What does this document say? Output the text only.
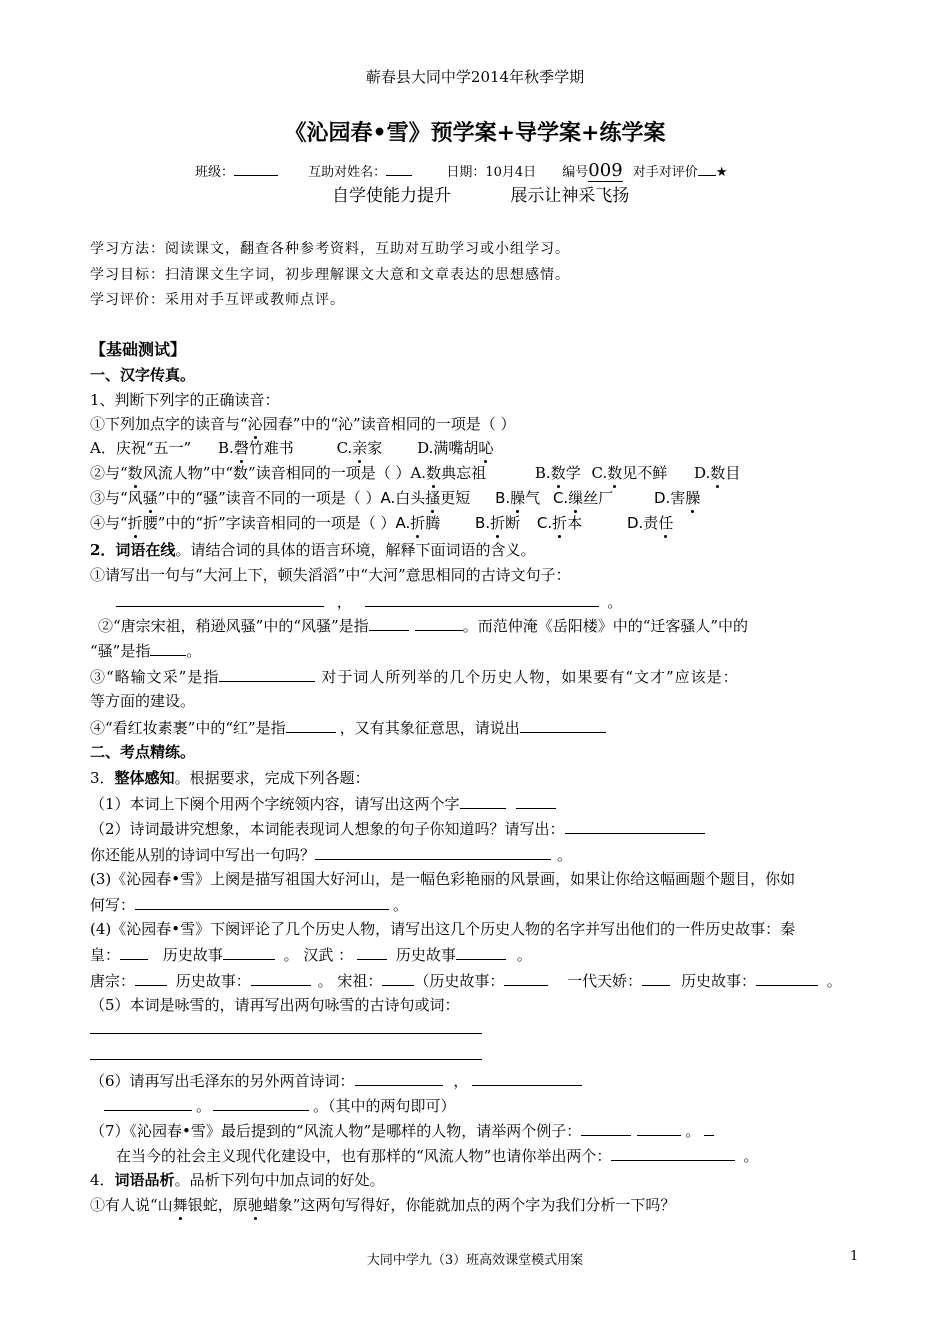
蕲春县大同中学2014年秋季学期
《沁园春•雪》预学案+导学案+练学案
班级：	互助对姓名：	日期：10月4日 编号009 对手对评价 ★
自学使能力提升	展示让神采飞扬
学习方法：阅读课文，翻查各种参考资料，互助对互助学习或小组学习。
学习目标：扫清课文生字词，初步理解课文大意和文章表达的思想感情。
学习评价：采用对手互评或教师点评。
【基础测试】
一、汉字传真。
1、判断下列字的正确读音：
①下列加点字的读音与“沁园春”中的“沁”读音相同的一项是（ ）
A．庆祝“五一” B.磬竹难书	C.亲家 D.满嘴胡吣
②与“数风流人物”中“数”读音相同的一项是（ ）A.数典忘祖	B.数学 C.数见不鲜 D.数目
③与“风骚”中的“骚”读音不同的一项是（ ）A.白头搔更短 B.臊气 C.缫丝厂	D.害臊
④与“折腰”中的“折”字读音相同的一项是（ ）A.折腾 B.折断 C.折本	D.责任
2．词语在线。请结合词的具体的语言环境，解释下面词语的含义。
①请写出一句与“大河上下，顿失滔滔”中“大河”意思相同的古诗文句子：
，	。
②“唐宗宋祖，稍逊风骚”中的“风骚”是指	。而范仲淹《岳阳楼》中的“迁客骚人”中的
“骚”是指 。
③“略输文采”是指	对于词人所列举的几个历史人物，如果要有“文才”应该是：
等方面的建设。
④“看红妆素裹”中的“红”是指	，又有其象征意思，请说出
二、考点精练。
3．整体感知。根据要求，完成下列各题：
（1）本词上下阕个用两个字统领内容，请写出这两个字
（2）诗词最讲究想象，本词能表现词人想象的句子你知道吗？请写出：
你还能从别的诗词中写出一句吗？	。
(3)《沁园春•雪》上阕是描写祖国大好河山，是一幅色彩艳丽的风景画，如果让你给这幅画题个题目，你如
何写：	。
(4)《沁园春•雪》下阕评论了几个历史人物，请写出这几个历史人物的名字并写出他们的一件历史故事：秦
皇：	历史故事	。 汉武 ：	历史故事	。
唐宗：	历史故事：	。 宋祖： （历史故事：	一代天娇：	历史故事：	。
（5）本词是咏雪的，请再写出两句咏雪的古诗句或词：
（6）请再写出毛泽东的另外两首诗词：	，
。	。（其中的两句即可）
（7）《沁园春•雪》最后提到的“风流人物”是哪样的人物，请举两个例子：	。
在当今的社会主义现代化建设中，也有那样的“风流人物”也请你举出两个：	。
4．词语品析。品析下列句中加点词的好处。
①有人说“山舞银蛇，原驰蜡象”这两句写得好，你能就加点的两个字为我们分析一下吗？
大同中学九（3）班高效课堂模式用案	1
